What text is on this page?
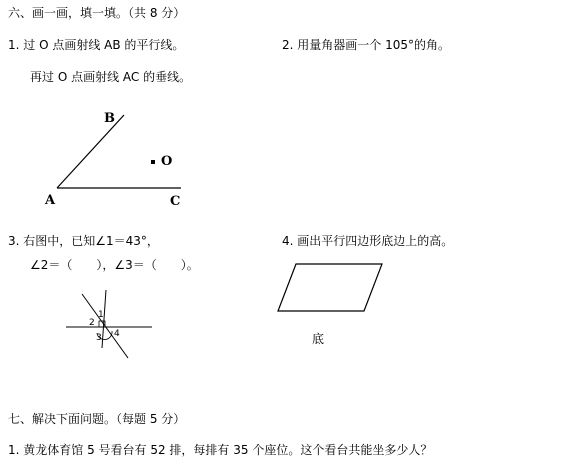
六、画一画，填一填。（共 8 分）
1. 过 O 点画射线 AB 的平行线。
再过 O 点画射线 AC 的垂线。
2. 用量角器画一个 105°的角。
B
O
A	C
3. 右图中，已知∠1＝43°，
∠2＝（　　），∠3＝（　　）。
1
2
3 4
4. 画出平行四边形底边上的高。
底
七、解决下面问题。（每题 5 分）
1. 黄龙体育馆 5 号看台有 52 排，每排有 35 个座位。这个看台共能坐多少人？
